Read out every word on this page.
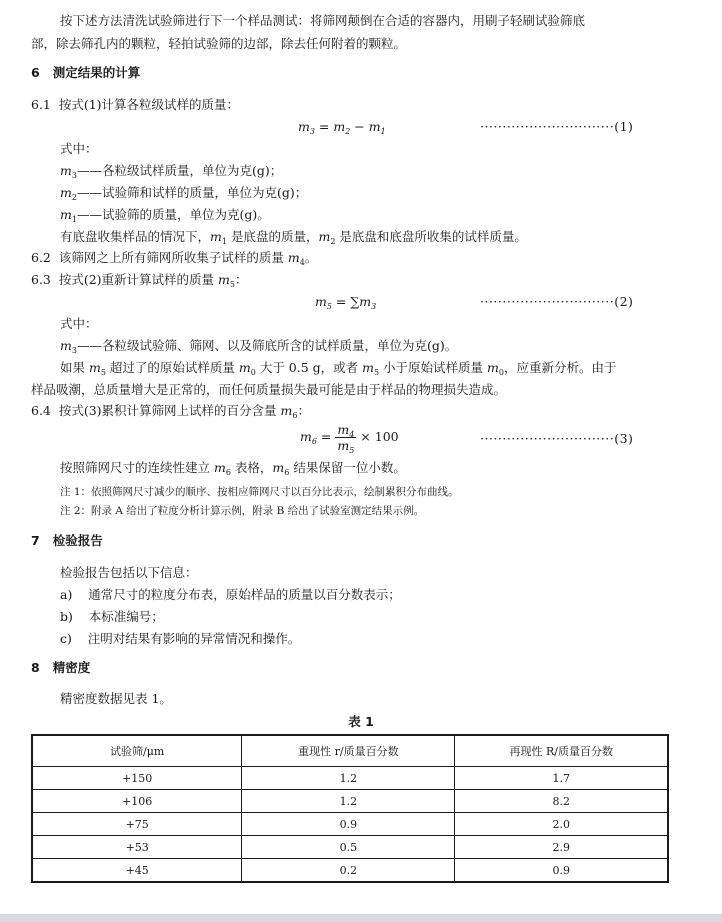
按下述方法清洗试验筛进行下一个样品测试：将筛网颠倒在合适的容器内，用刷子轻刷试验筛底
部，除去筛孔内的颗粒，轻拍试验筛的边部，除去任何附着的颗粒。
6 测定结果的计算
6.1 按式(1)计算各粒级试样的质量：
$m_3 = m_2 - m_1$	······························(1)
式中：
$m_3——$各粒级试样质量，单位为克(g)；
$m_2——$试验筛和试样的质量，单位为克(g)；
$m_1——$试验筛的质量，单位为克(g)。
有底盘收集样品的情况下，$m_1$ 是底盘的质量，$m_2$ 是底盘和底盘所收集的试样质量。
6.2 该筛网之上所有筛网所收集子试样的质量 $m_4$。
6.3 按式(2)重新计算试样的质量 $m_5$：
$m_5 = \sum m_3$	······························(2)
式中：
$m_3——$各粒级试验筛、筛网、以及筛底所含的试样质量，单位为克(g)。
如果 $m_5$ 超过了的原始试样质量 $m_0$ 大于 0.5 g，或者 $m_5$ 小于原始试样质量 $m_0$，应重新分析。由于
样品吸潮，总质量增大是正常的，而任何质量损失最可能是由于样品的物理损失造成。
6.4 按式(3)累积计算筛网上试样的百分含量 $m_6$：
$m_6 = \frac{m_4}{m_5} \times 100$	······························(3)
按照筛网尺寸的连续性建立 $m_6$ 表格，$m_6$ 结果保留一位小数。
注 1：依照筛网尺寸减少的顺序、按相应筛网尺寸以百分比表示，绘制累积分布曲线。
注 2：附录 A 给出了粒度分析计算示例，附录 B 给出了试验室测定结果示例。
7 检验报告
检验报告包括以下信息：
a) 通常尺寸的粒度分布表，原始样品的质量以百分数表示；
b) 本标准编号；
c) 注明对结果有影响的异常情况和操作。
8 精密度
精密度数据见表 1。
表 1
试验筛/μm	重现性 r/质量百分数	再现性 R/质量百分数
+150	1.2	1.7
+106	1.2	8.2
+75	0.9	2.0
+53	0.5	2.9
+45	0.2	0.9
